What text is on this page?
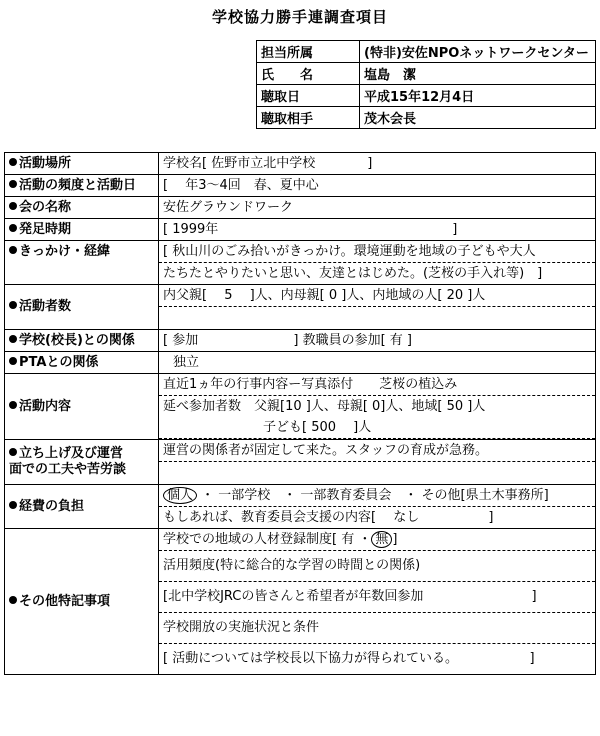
学校協力勝手連調査項目
担当所属	(特非)安佐NPOネットワークセンター
氏　　名	塩島　潔
聴取日	平成15年12月4日
聴取相手	茂木会長
活動場所	学校名[ 佐野市立北中学校　　　　]

活動の頻度と活動日	[　 年3～4回　春、夏中心

会の名称	安佐グラウンドワーク

発足時期	[ 1999年　　　　　　　　　　　　　　　　　　]

きっかけ・経緯	[ 秋山川のごみ拾いがきっかけ。環境運動を地域の子どもや大人
たちたとやりたいと思い、友達とはじめた。(芝桜の手入れ等)　]

活動者数	内父親[　 5 　]人、内母親[ 0 ]人、内地域の人[ 20 ]人

学校(校長)との関係	[ 参加　　　　　　　 ] 教職員の参加[ 有 ]

PTAとの関係	独立

活動内容	直近1ヵ年の行事内容ー写真添付　　芝桜の植込み
延べ参加者数　父親[10 ]人、母親[ 0]人、地域[ 50 ]人
子ども[ 500 　]人

立ち上げ及び運営
面での工夫や苦労談	運営の関係者が固定して来た。スタッフの育成が急務。

経費の負担	個人 ・ 一部学校　・ 一部教育委員会　・ その他[県土木事務所]
もしあれば、教育委員会支援の内容[　 なし　　　　　 ]

その他特記事項	学校での地域の人材登録制度[ 有 ・ 無 ]
活用頻度(特に総合的な学習の時間との関係)
[北中学校JRCの皆さんと希望者が年数回参加　　　　　　　　 ]
学校開放の実施状況と条件
[ 活動については学校長以下協力が得られている。　　　　　　]
